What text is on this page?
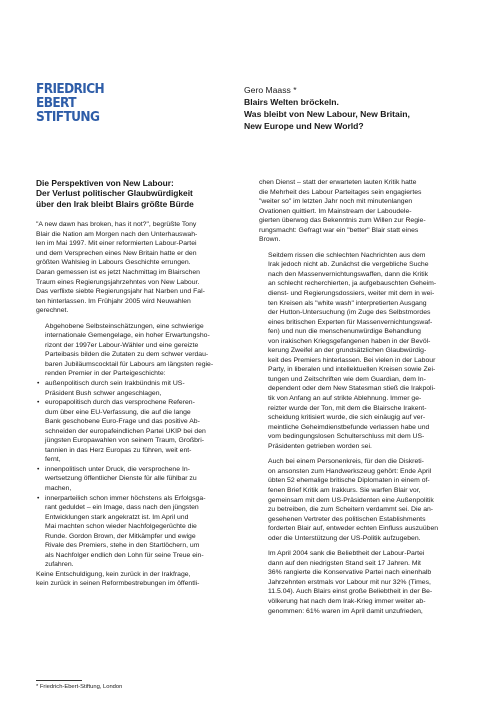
FRIEDRICH
EBERT
STIFTUNG
Gero Maass *
Blairs Welten bröckeln.
Was bleibt von New Labour, New Britain,
New Europe und New World?
Die Perspektiven von New Labour:
Der Verlust politischer Glaubwürdigkeit
über den Irak bleibt Blairs größte Bürde

"A new dawn has broken, has it not?", begrüßte Tony
Blair die Nation am Morgen nach den Unterhauswah-
len im Mai 1997. Mit einer reformierten Labour-Partei
und dem Versprechen eines New Britain hatte er den
größten Wahlsieg in Labours Geschichte errungen.
Daran gemessen ist es jetzt Nachmittag im Blairschen
Traum eines Regierungsjahrzehntes von New Labour.
Das verflixte siebte Regierungsjahr hat Narben und Fal-
ten hinterlassen. Im Frühjahr 2005 wird Neuwahlen
gerechnet.

Abgehobene Selbsteinschätzungen, eine schwierige
internationale Gemengelage, ein hoher Erwartungsho-
rizont der 1997er Labour-Wähler und eine gereizte
Parteibasis bilden die Zutaten zu dem schwer verdau-
baren Jubiläumscocktail für Labours am längsten regie-
renden Premier in der Parteigeschichte:

• außenpolitisch durch sein Irakbündnis mit US-
Präsident Bush schwer angeschlagen,
• europapolitisch durch das versprochene Referen-
dum über eine EU-Verfassung, die auf die lange
Bank geschobene Euro-Frage und das positive Ab-
schneiden der europafeindlichen Partei UKIP bei den
jüngsten Europawahlen von seinem Traum, Großbri-
tannien in das Herz Europas zu führen, weit ent-
fernt,
• innenpolitisch unter Druck, die versprochene In-
wertsetzung öffentlicher Dienste für alle fühlbar zu
machen,
• innerparteilich schon immer höchstens als Erfolgsga-
rant geduldet – ein Image, dass nach den jüngsten
Entwicklungen stark angekratzt ist. Im April und
Mai machten schon wieder Nachfolgegerüchte die
Runde. Gordon Brown, der Mitkämpfer und ewige
Rivale des Premiers, stehe in den Startlöchern, um
als Nachfolger endlich den Lohn für seine Treue ein-
zufahren.

Keine Entschuldigung, kein zurück in der Irakfrage,
kein zurück in seinen Reformbestrebungen im öffentli-

chen Dienst – statt der erwarteten lauten Kritik hatte
die Mehrheit des Labour Parteitages sein engagiertes
"weiter so" im letzten Jahr noch mit minutenlangen
Ovationen quittiert. Im Mainstream der Laboudele-
gierten überwog das Bekenntnis zum Willen zur Regie-
rungsmacht: Gefragt war ein "better" Blair statt eines
Brown.

Seitdem rissen die schlechten Nachrichten aus dem
Irak jedoch nicht ab. Zunächst die vergebliche Suche
nach den Massenvernichtungswaffen, dann die Kritik
an schlecht recherchierten, ja aufgebauschten Geheim-
dienst- und Regierungsdossiers, weiter mit dem in wei-
ten Kreisen als "white wash" interpretierten Ausgang
der Hutton-Untersuchung (im Zuge des Selbstmordes
eines britischen Experten für Massenvernichtungswaf-
fen) und nun die menschenunwürdige Behandlung
von irakischen Kriegsgefangenen haben in der Bevöl-
kerung Zweifel an der grundsätzlichen Glaubwürdig-
keit des Premiers hinterlassen. Bei vielen in der Labour
Party, in liberalen und intellektuellen Kreisen sowie Zei-
tungen und Zeitschriften wie dem Guardian, dem In-
dependent oder dem New Statesman stieß die Irakpoli-
tik von Anfang an auf strikte Ablehnung. Immer ge-
reizter wurde der Ton, mit dem die Blairsche Irakent-
scheidung kritisiert wurde, die sich einäugig auf ver-
meintliche Geheimdienstbefunde verlassen habe und
vom bedingungslosen Schulterschluss mit dem US-
Präsidenten getrieben worden sei.

Auch bei einem Personenkreis, für den die Diskreti-
on ansonsten zum Handwerkszeug gehört: Ende April
übten 52 ehemalige britische Diplomaten in einem of-
fenen Brief Kritik am Irakkurs. Sie warfen Blair vor,
gemeinsam mit dem US-Präsidenten eine Außenpolitik
zu betreiben, die zum Scheitern verdammt sei. Die an-
gesehenen Vertreter des politischen Establishments
forderten Blair auf, entweder echten Einfluss auszuüben
oder die Unterstützung der US-Politik aufzugeben.

Im April 2004 sank die Beliebtheit der Labour-Partei
dann auf den niedrigsten Stand seit 17 Jahren. Mit
36% rangierte die Konservative Partei nach einenhalb
Jahrzehnten erstmals vor Labour mit nur 32% (Times,
11.5.04). Auch Blairs einst große Beliebtheit in der Be-
völkerung hat nach dem Irak-Krieg immer weiter ab-
genommen: 61% waren im April damit unzufrieden,

* Friedrich-Ebert-Stiftung, London
